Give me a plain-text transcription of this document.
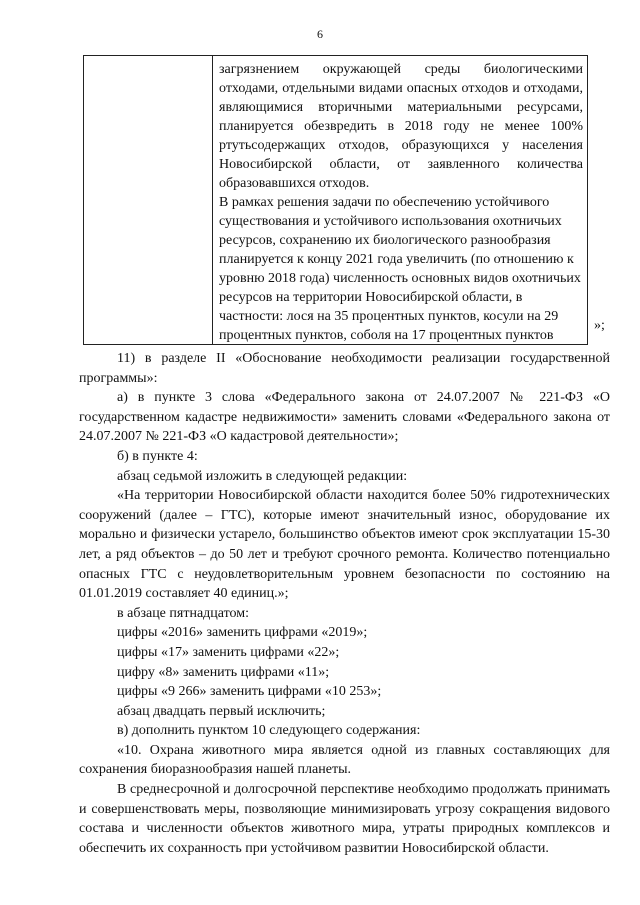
6

загрязнением окружающей среды биологическими отходами, отдельными видами опасных отходов и отходами, являющимися вторичными материальными ресурсами, планируется обезвредить в 2018 году не менее 100% ртутьсодержащих отходов, образующихся у населения Новосибирской области, от заявленного количества образовавшихся отходов.

В рамках решения задачи по обеспечению устойчивого существования и устойчивого использования охотничьих ресурсов, сохранению их биологического разнообразия планируется к концу 2021 года увеличить (по отношению к уровню 2018 года) численность основных видов охотничьих ресурсов на территории Новосибирской области, в частности: лося на 35 процентных пунктов, косули на 29 процентных пунктов, соболя на 17 процентных пунктов

»;

11) в разделе II «Обоснование необходимости реализации государственной программы»:

а) в пункте 3 слова «Федерального закона от 24.07.2007 № 221-ФЗ «О государственном кадастре недвижимости» заменить словами «Федерального закона от 24.07.2007 № 221-ФЗ «О кадастровой деятельности»;

б) в пункте 4:

абзац седьмой изложить в следующей редакции:

«На территории Новосибирской области находится более 50% гидротехнических сооружений (далее – ГТС), которые имеют значительный износ, оборудование их морально и физически устарело, большинство объектов имеют срок эксплуатации 15-30 лет, а ряд объектов – до 50 лет и требуют срочного ремонта. Количество потенциально опасных ГТС с неудовлетворительным уровнем безопасности по состоянию на 01.01.2019 составляет 40 единиц.»;

в абзаце пятнадцатом:

цифры «2016» заменить цифрами «2019»;

цифры «17» заменить цифрами «22»;

цифру «8» заменить цифрами «11»;

цифры «9 266» заменить цифрами «10 253»;

абзац двадцать первый исключить;

в) дополнить пунктом 10 следующего содержания:

«10. Охрана животного мира является одной из главных составляющих для сохранения биоразнообразия нашей планеты.

В среднесрочной и долгосрочной перспективе необходимо продолжать принимать и совершенствовать меры, позволяющие минимизировать угрозу сокращения видового состава и численности объектов животного мира, утраты природных комплексов и обеспечить их сохранность при устойчивом развитии Новосибирской области.
